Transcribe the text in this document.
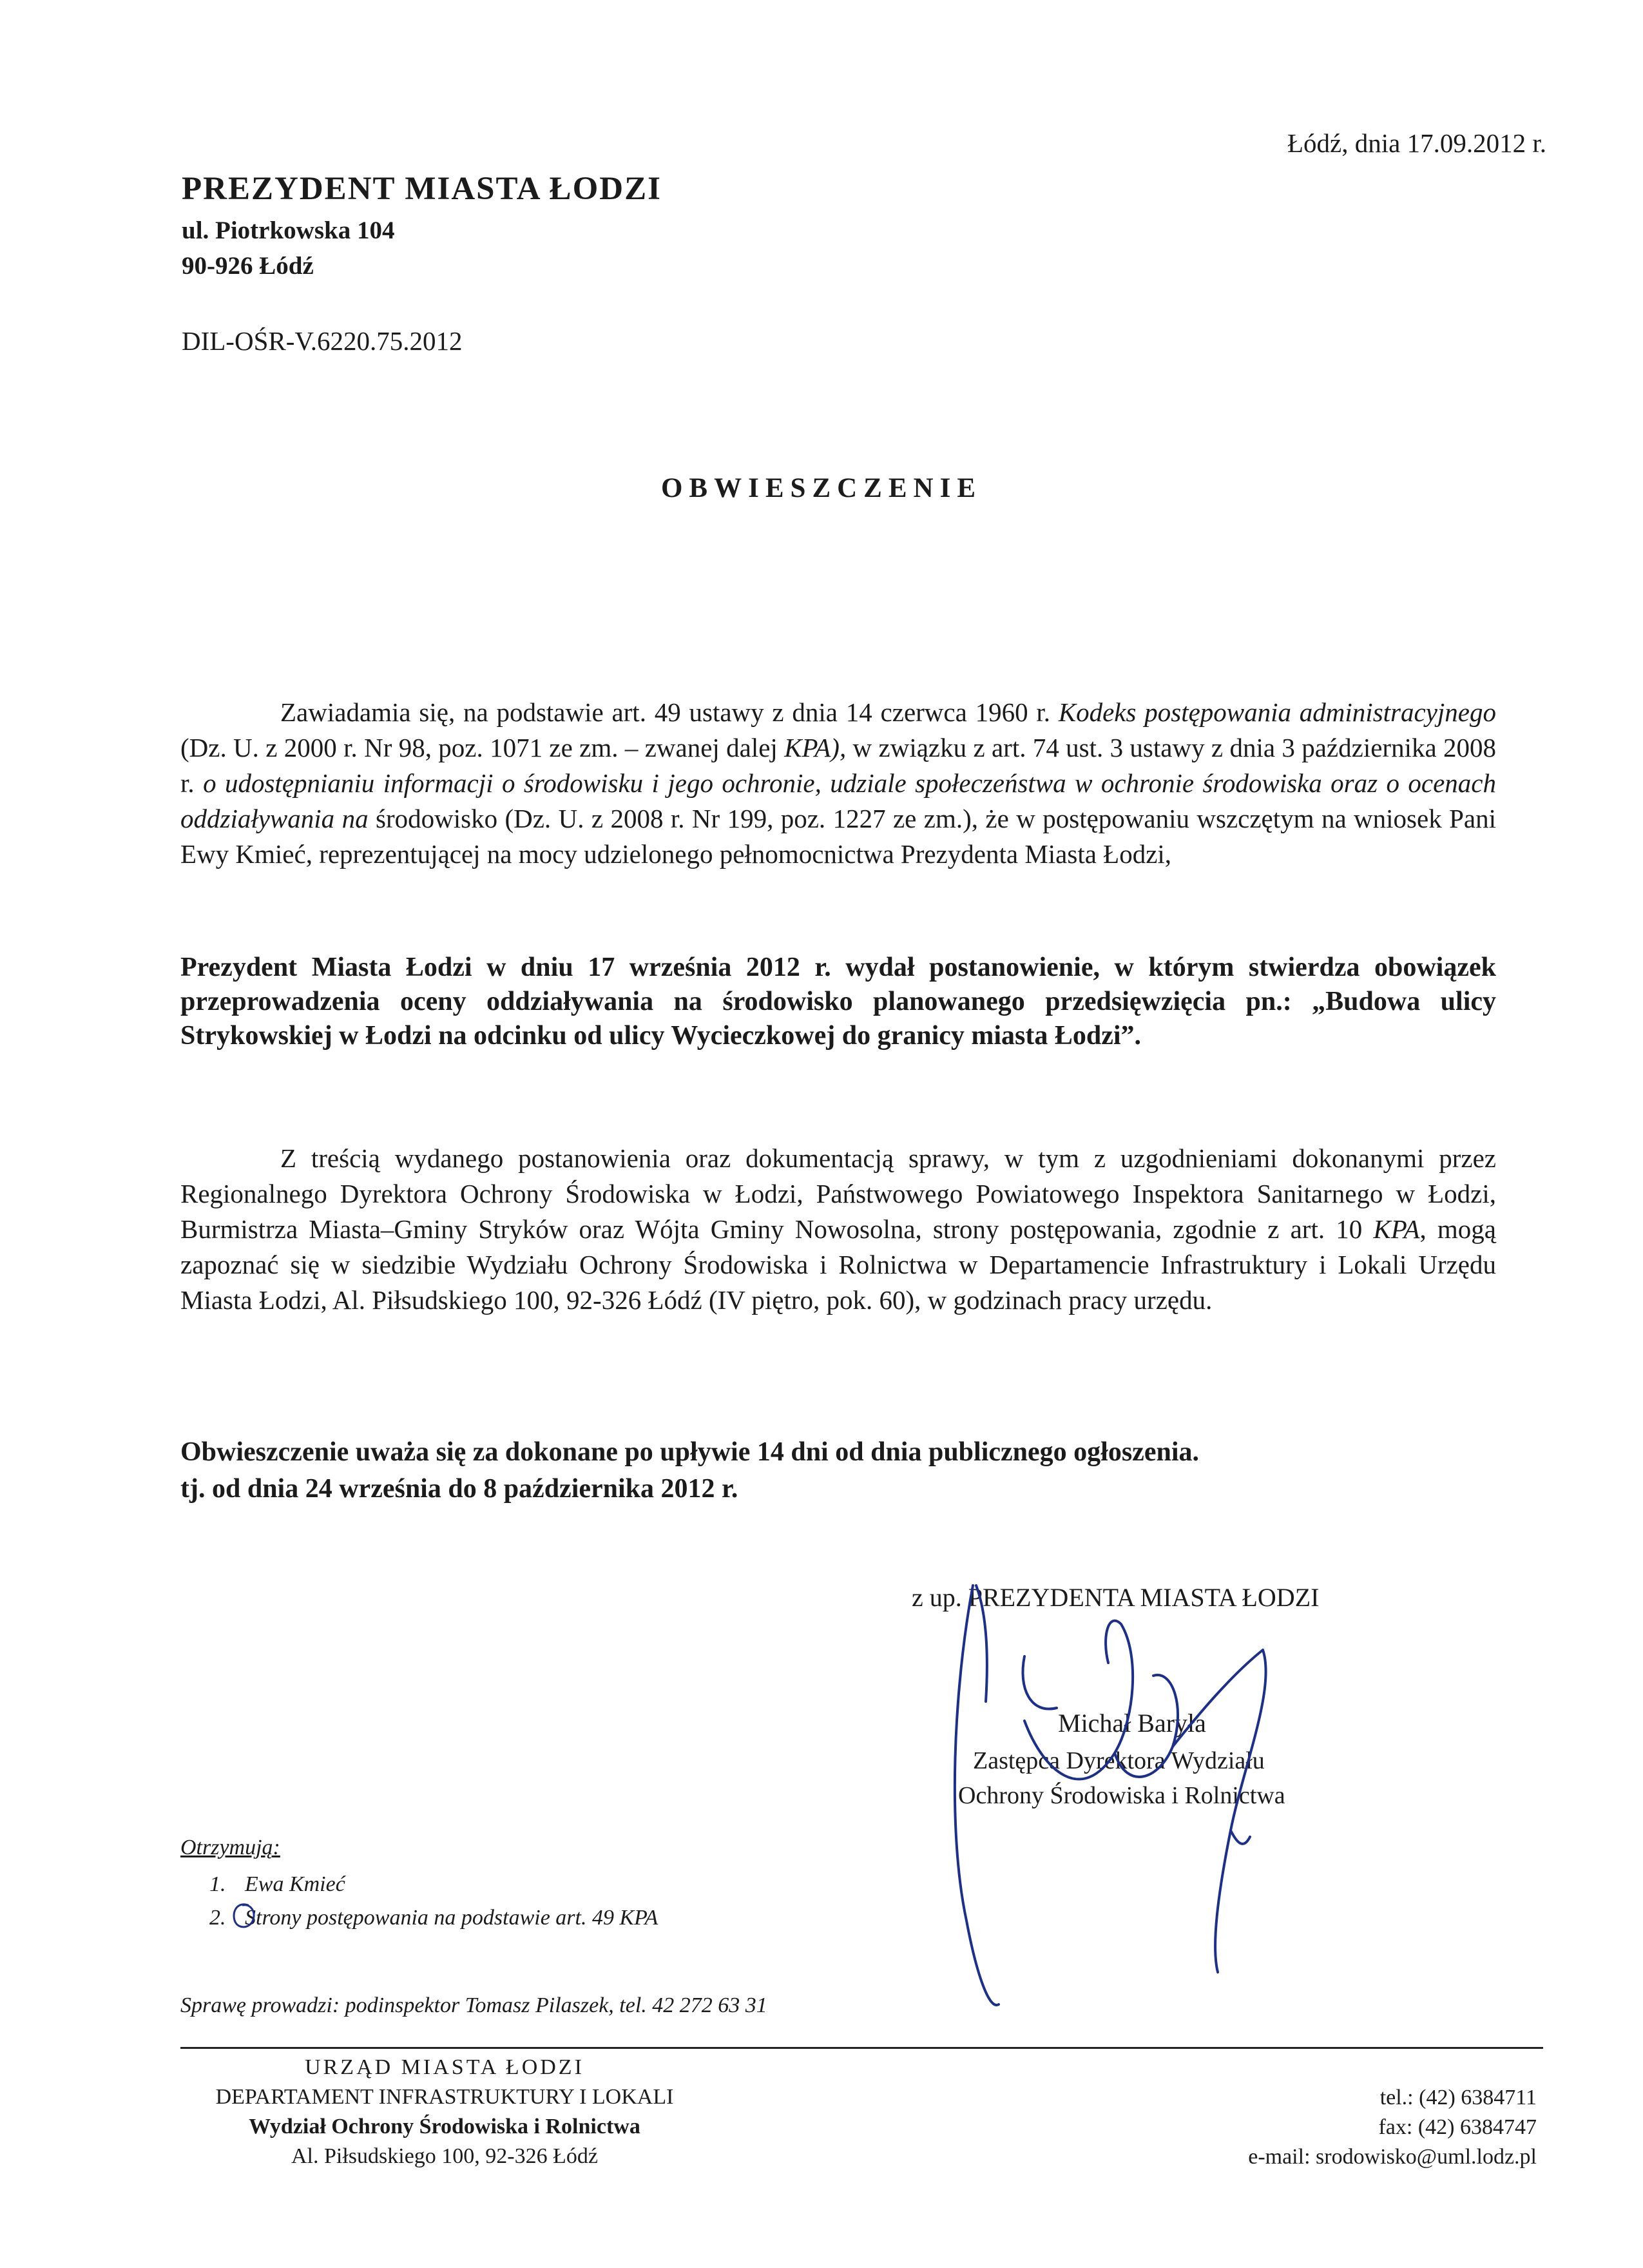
Łódź, dnia 17.09.2012 r.
PREZYDENT MIASTA ŁODZI
ul. Piotrkowska 104
90-926 Łódź
DIL-OŚR-V.6220.75.2012
OBWIESZCZENIE
Zawiadamia się, na podstawie art. 49 ustawy z dnia 14 czerwca 1960 r. Kodeks postępowania administracyjnego (Dz. U. z 2000 r. Nr 98, poz. 1071 ze zm. – zwanej dalej KPA), w związku z art. 74 ust. 3 ustawy z dnia 3 października 2008 r. o udostępnianiu informacji o środowisku i jego ochronie, udziale społeczeństwa w ochronie środowiska oraz o ocenach oddziaływania na środowisko (Dz. U. z 2008 r. Nr 199, poz. 1227 ze zm.), że w postępowaniu wszczętym na wniosek Pani Ewy Kmieć, reprezentującej na mocy udzielonego pełnomocnictwa Prezydenta Miasta Łodzi,
Prezydent Miasta Łodzi w dniu 17 września 2012 r. wydał postanowienie, w którym stwierdza obowiązek przeprowadzenia oceny oddziaływania na środowisko planowanego przedsięwzięcia pn.: „Budowa ulicy Strykowskiej w Łodzi na odcinku od ulicy Wycieczkowej do granicy miasta Łodzi”.
Z treścią wydanego postanowienia oraz dokumentacją sprawy, w tym z uzgodnieniami dokonanymi przez Regionalnego Dyrektora Ochrony Środowiska w Łodzi, Państwowego Powiatowego Inspektora Sanitarnego w Łodzi, Burmistrza Miasta–Gminy Stryków oraz Wójta Gminy Nowosolna, strony postępowania, zgodnie z art. 10 KPA, mogą zapoznać się w siedzibie Wydziału Ochrony Środowiska i Rolnictwa w Departamencie Infrastruktury i Lokali Urzędu Miasta Łodzi, Al. Piłsudskiego 100, 92-326 Łódź (IV piętro, pok. 60), w godzinach pracy urzędu.
Obwieszczenie uważa się za dokonane po upływie 14 dni od dnia publicznego ogłoszenia.
tj. od dnia 24 września do 8 października 2012 r.
z up. PREZYDENTA MIASTA ŁODZI
Michał Baryła
Zastępca Dyrektora Wydziału
Ochrony Środowiska i Rolnictwa
Otrzymują:
1. Ewa Kmieć
2. Strony postępowania na podstawie art. 49 KPA
Sprawę prowadzi: podinspektor Tomasz Pilaszek, tel. 42 272 63 31
URZĄD MIASTA ŁODZI
DEPARTAMENT INFRASTRUKTURY I LOKALI
Wydział Ochrony Środowiska i Rolnictwa
Al. Piłsudskiego 100, 92-326 Łódź
tel.: (42) 6384711
fax: (42) 6384747
e-mail: srodowisko@uml.lodz.pl
